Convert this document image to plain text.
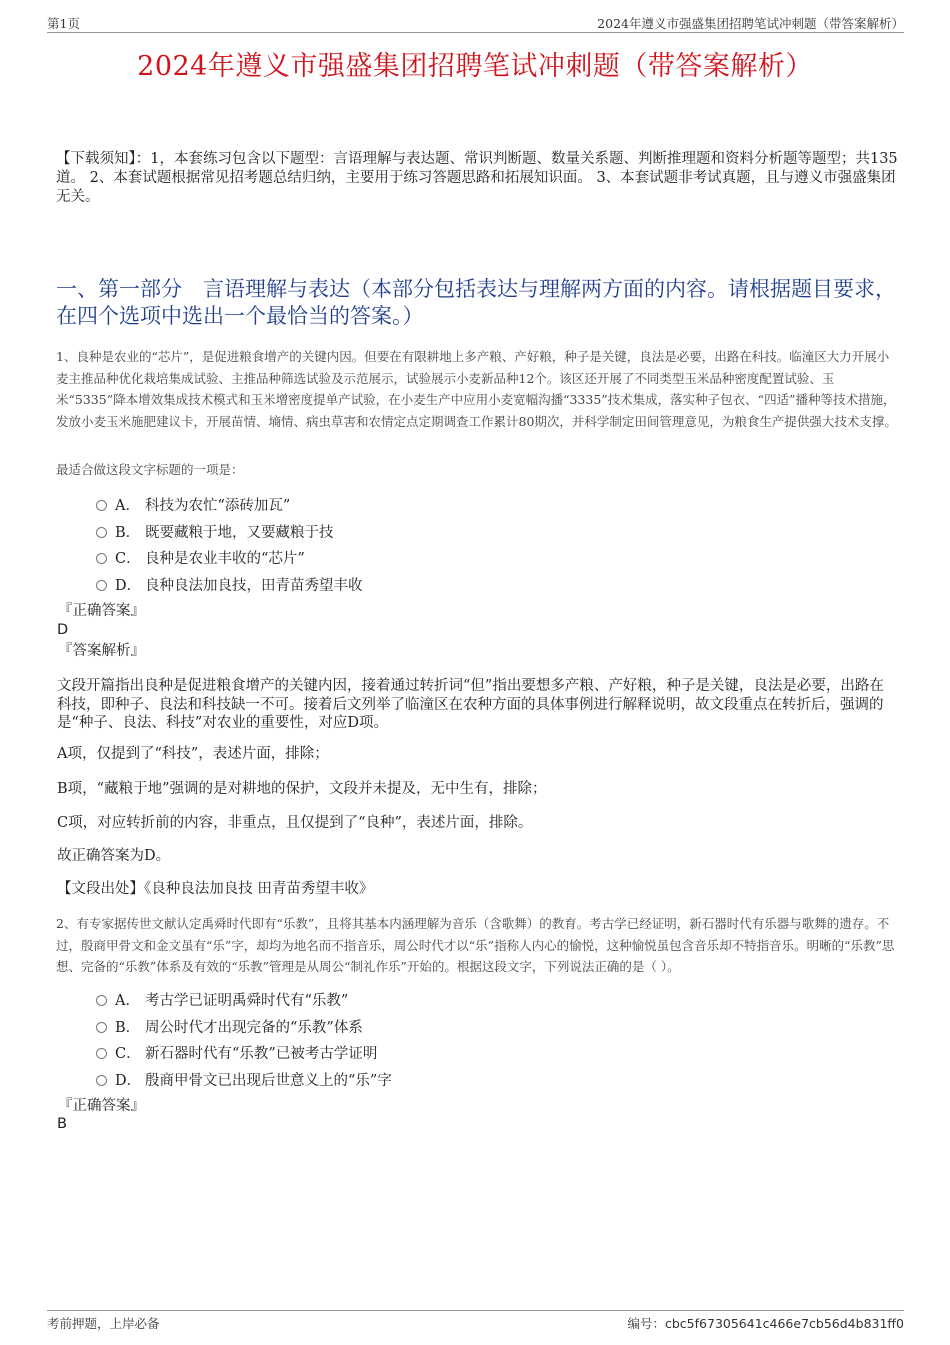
第1页	2024年遵义市强盛集团招聘笔试冲刺题（带答案解析）
2024年遵义市强盛集团招聘笔试冲刺题（带答案解析）
【下载须知】：1，本套练习包含以下题型：言语理解与表达题、常识判断题、数量关系题、判断推理题和资料分析题等题型；共135道。 2、本套试题根据常见招考题总结归纳，主要用于练习答题思路和拓展知识面。 3、本套试题非考试真题，且与遵义市强盛集团无关。
一、第一部分　言语理解与表达（本部分包括表达与理解两方面的内容。请根据题目要求，在四个选项中选出一个最恰当的答案。）
1、良种是农业的“芯片”，是促进粮食增产的关键内因。但要在有限耕地上多产粮、产好粮，种子是关键，良法是必要，出路在科技。临潼区大力开展小麦主推品种优化栽培集成试验、主推品种筛选试验及示范展示，试验展示小麦新品种12个。该区还开展了不同类型玉米品种密度配置试验、玉米“5335”降本增效集成技术模式和玉米增密度提单产试验，在小麦生产中应用小麦宽幅沟播“3335”技术集成，落实种子包衣、“四适”播种等技术措施，发放小麦玉米施肥建议卡，开展苗情、墒情、病虫草害和农情定点定期调查工作累计80期次，并科学制定田间管理意见，为粮食生产提供强大技术支撑。
最适合做这段文字标题的一项是：
A． 科技为农忙“添砖加瓦”
B． 既要藏粮于地，又要藏粮于技
C． 良种是农业丰收的“芯片”
D． 良种良法加良技，田青苗秀望丰收
『正确答案』
D
『答案解析』
文段开篇指出良种是促进粮食增产的关键内因，接着通过转折词“但”指出要想多产粮、产好粮，种子是关键，良法是必要，出路在科技，即种子、良法和科技缺一不可。接着后文列举了临潼区在农种方面的具体事例进行解释说明，故文段重点在转折后，强调的是“种子、良法、科技”对农业的重要性，对应D项。
A项，仅提到了“科技”，表述片面，排除；
B项，“藏粮于地”强调的是对耕地的保护，文段并未提及，无中生有，排除；
C项，对应转折前的内容，非重点，且仅提到了“良种”，表述片面，排除。
故正确答案为D。
【文段出处】《良种良法加良技 田青苗秀望丰收》
2、有专家据传世文献认定禹舜时代即有“乐教”，且将其基本内涵理解为音乐（含歌舞）的教育。考古学已经证明，新石器时代有乐器与歌舞的遗存。不过，殷商甲骨文和金文虽有“乐”字，却均为地名而不指音乐，周公时代才以“乐”指称人内心的愉悦，这种愉悦虽包含音乐却不特指音乐。明晰的“乐教”思想、完备的“乐教”体系及有效的“乐教”管理是从周公“制礼作乐”开始的。根据这段文字，下列说法正确的是（ ）。
A． 考古学已证明禹舜时代有“乐教”
B． 周公时代才出现完备的“乐教”体系
C． 新石器时代有“乐教”已被考古学证明
D． 殷商甲骨文已出现后世意义上的“乐”字
『正确答案』
B
考前押题，上岸必备	编号：cbc5f67305641c466e7cb56d4b831ff0
